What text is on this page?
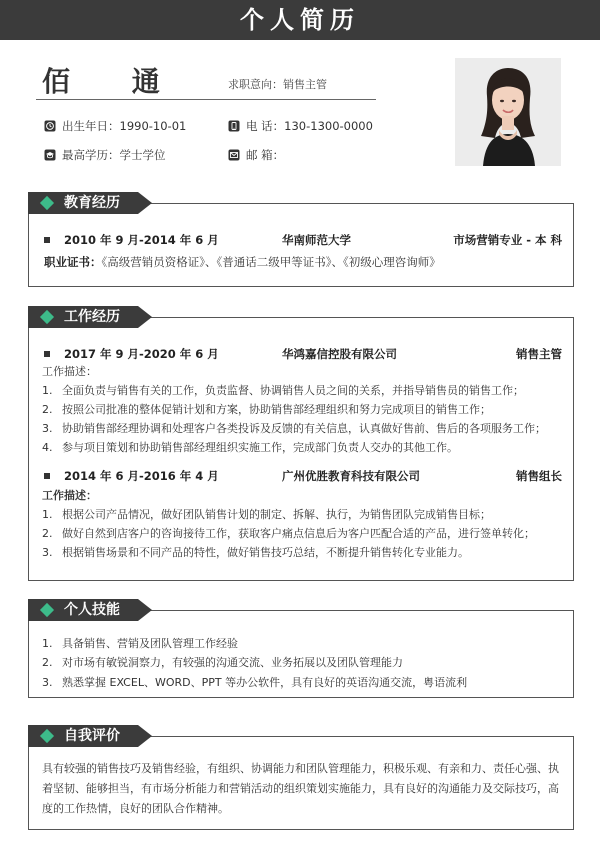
个人简历
佰 通	求职意向：销售主管
出生年日：1990-10-01	电 话：130-1300-0000
最高学历：学士学位	邮 箱：
教育经历
2010 年 9 月-2014 年 6 月	华南师范大学	市场营销专业 - 本 科
职业证书：《高级营销员资格证》、《普通话二级甲等证书》、《初级心理咨询师》
工作经历
2017 年 9 月-2020 年 6 月	华鸿嘉信控股有限公司	销售主管
工作描述：
1. 全面负责与销售有关的工作，负责监督、协调销售人员之间的关系，并指导销售员的销售工作；
2. 按照公司批准的整体促销计划和方案，协助销售部经理组织和努力完成项目的销售工作；
3. 协助销售部经理协调和处理客户各类投诉及反馈的有关信息，认真做好售前、售后的各项服务工作；
4. 参与项目策划和协助销售部经理组织实施工作，完成部门负责人交办的其他工作。
2014 年 6 月-2016 年 4 月	广州优胜教育科技有限公司	销售组长
工作描述：
1. 根据公司产品情况，做好团队销售计划的制定、拆解、执行，为销售团队完成销售目标；
2. 做好自然到店客户的咨询接待工作，获取客户痛点信息后为客户匹配合适的产品，进行签单转化；
3. 根据销售场景和不同产品的特性，做好销售技巧总结，不断提升销售转化专业能力。
个人技能
1. 具备销售、营销及团队管理工作经验
2. 对市场有敏锐洞察力，有较强的沟通交流、业务拓展以及团队管理能力
3. 熟悉掌握 EXCEL、WORD、PPT 等办公软件，具有良好的英语沟通交流，粤语流利
自我评价
具有较强的销售技巧及销售经验，有组织、协调能力和团队管理能力，积极乐观、有亲和力、责任心强、执
着坚韧、能够担当，有市场分析能力和营销活动的组织策划实施能力，具有良好的沟通能力及交际技巧，高
度的工作热情，良好的团队合作精神。
